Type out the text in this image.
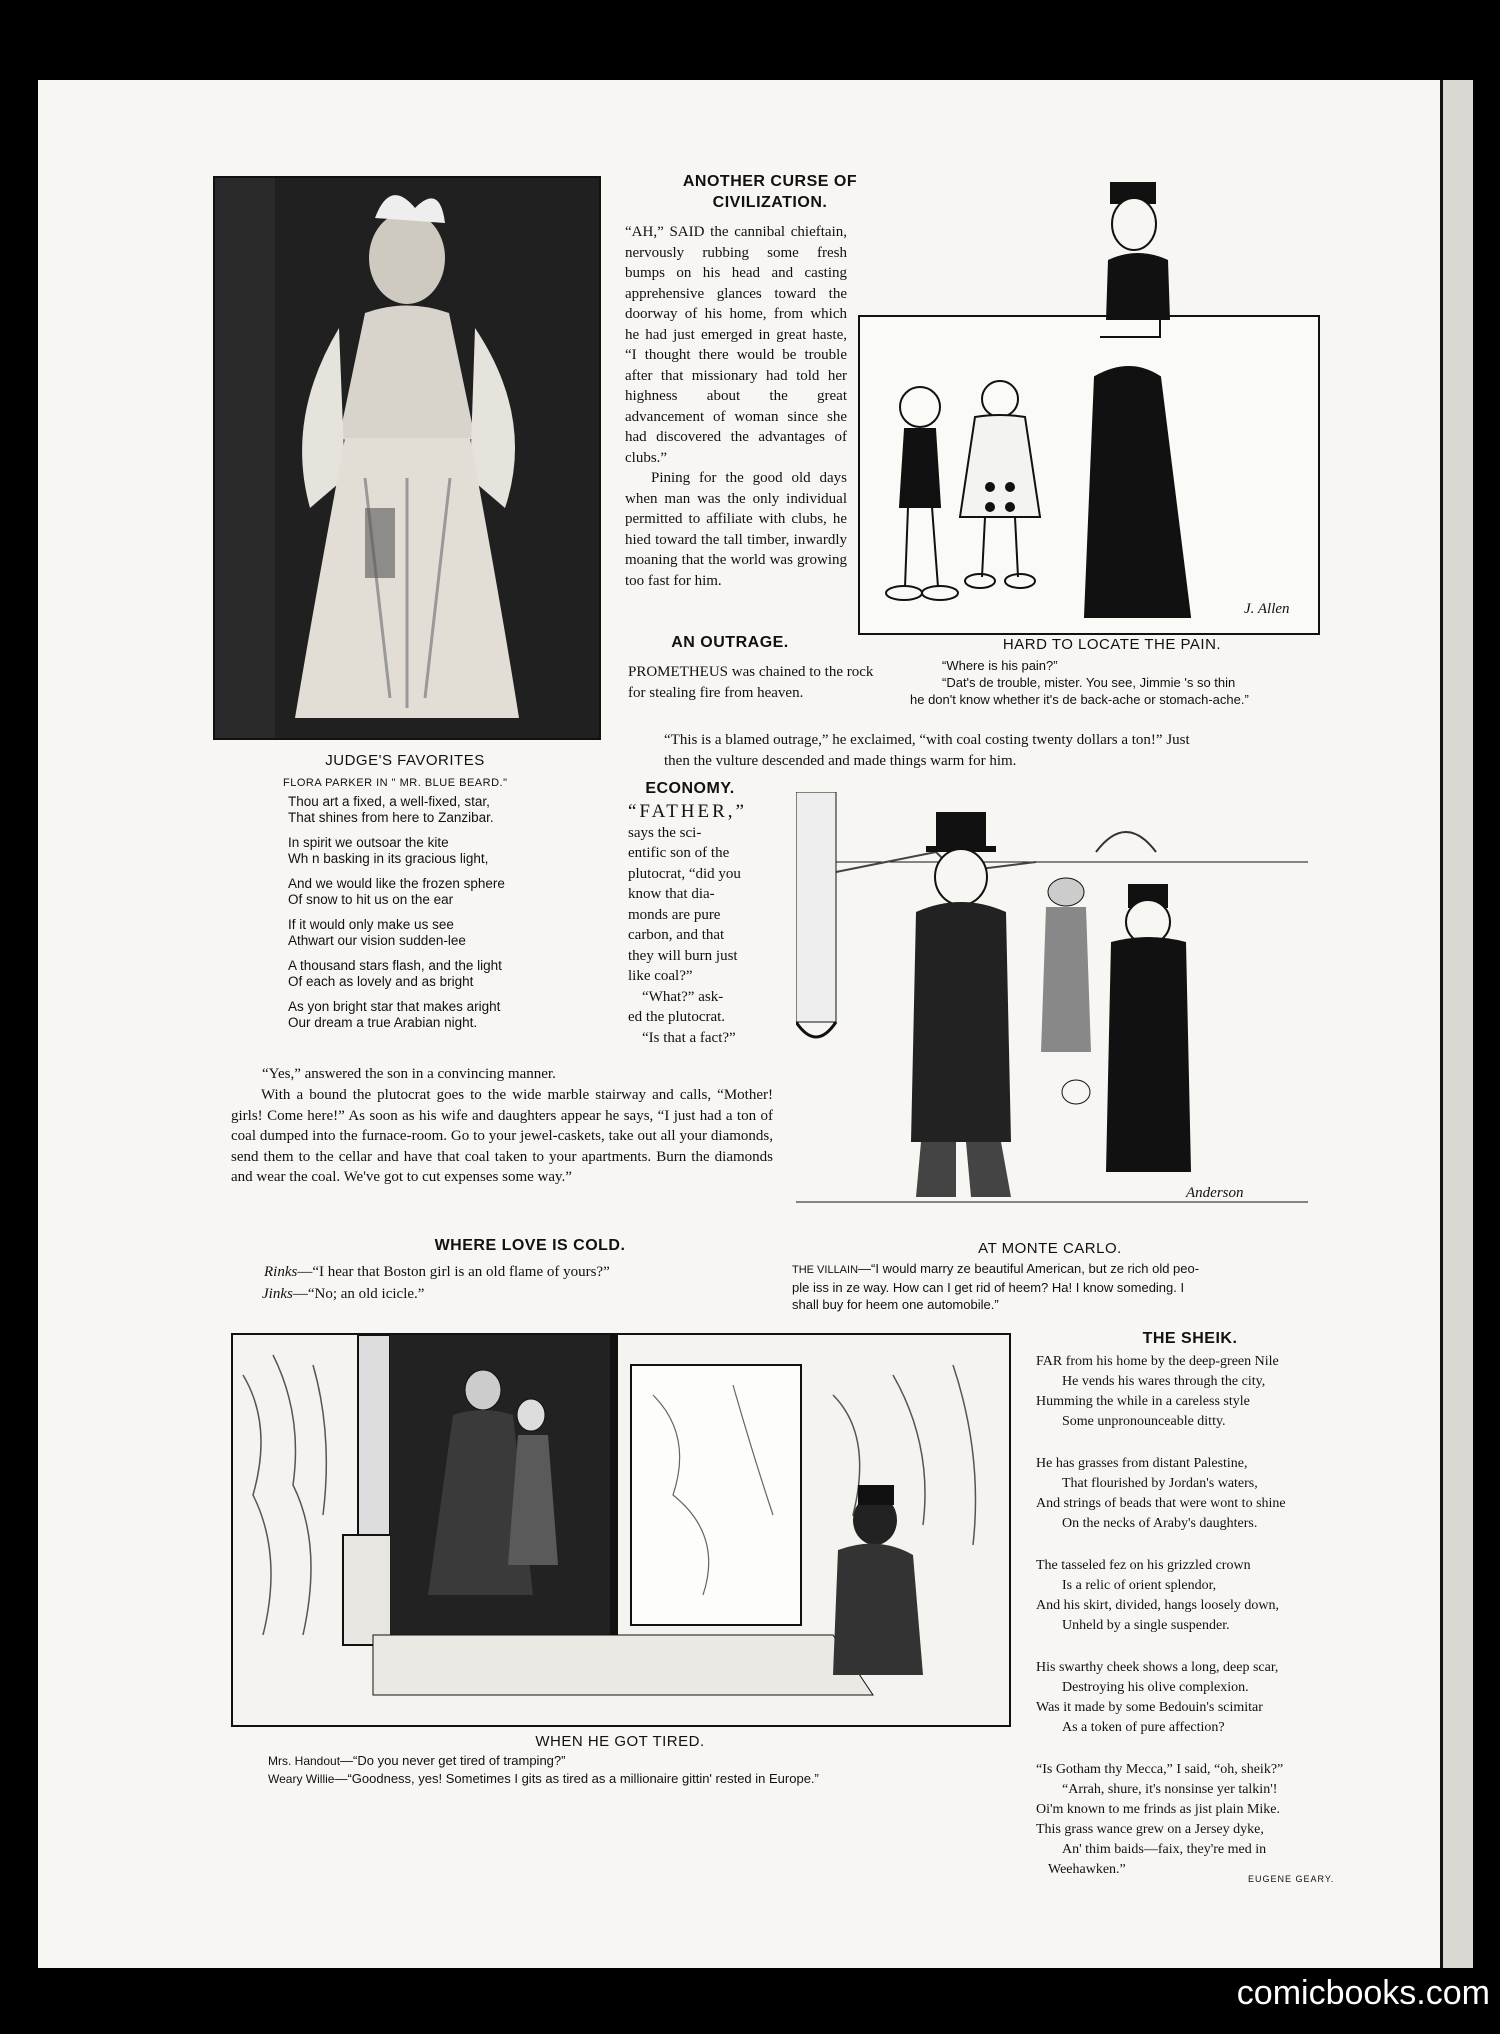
JUDGE'S FAVORITES
FLORA PARKER IN " MR. BLUE BEARD."

Thou art a fixed, a well-fixed, star,
That shines from here to Zanzibar.

In spirit we outsoar the kite
Wh n basking in its gracious light,

And we would like the frozen sphere
Of snow to hit us on the ear

If it would only make us see
Athwart our vision sudden-lee

A thousand stars flash, and the light
Of each as lovely and as bright

As yon bright star that makes aright
Our dream a true Arabian night.

ANOTHER CURSE OF
CIVILIZATION.

“AH,” SAID the cannibal chieftain, nervously rubbing some fresh bumps on his head and casting apprehensive glances toward the doorway of his home, from which he had just emerged in great haste, “I thought there would be trouble after that missionary had told her highness about the great advancement of woman since she had discovered the advantages of clubs.”

Pining for the good old days when man was the only individual permitted to affiliate with clubs, he hied toward the tall timber, inwardly moaning that the world was growing too fast for him.

J. Allen
HARD TO LOCATE THE PAIN.
“Where is his pain?”
“Dat's de trouble, mister. You see, Jimmie 's so thin
he don't know whether it's de back-ache or stomach-ache.”
AN OUTRAGE.
PROMETHEUS was chained to the rock for stealing fire from heaven.
“This is a blamed outrage,” he exclaimed, “with coal costing twenty dollars a ton!” Just then the vulture descended and made things warm for him.
ECONOMY.
“FATHER,”
says the sci-
entific son of the
plutocrat, “did you
know that dia-
monds are pure
carbon, and that
they will burn just
like coal?”
“What?” ask-
ed the plutocrat.
“Is that a fact?”
“Yes,” answered the son in a convincing manner.
With a bound the plutocrat goes to the wide marble stairway and calls, “Mother! girls! Come here!” As soon as his wife and daughters appear he says, “I just had a ton of coal dumped into the furnace-room. Go to your jewel-caskets, take out all your diamonds, send them to the cellar and have that coal taken to your apartments. Burn the diamonds and wear the coal. We've got to cut expenses some way.”
Anderson
AT MONTE CARLO.
THE VILLAIN—“I would marry ze beautiful American, but ze rich old peo-
ple iss in ze way. How can I get rid of heem? Ha! I know someding. I
shall buy for heem one automobile.”
WHERE LOVE IS COLD.
Rinks—“I hear that Boston girl is an old flame of yours?”
Jinks—“No; an old icicle.”
WHEN HE GOT TIRED.
Mrs. Handout—“Do you never get tired of tramping?”
Weary Willie—“Goodness, yes! Sometimes I gits as tired as a millionaire gittin' rested in Europe.”
THE SHEIK.

FAR from his home by the deep-green Nile
He vends his wares through the city,
Humming the while in a careless style
Some unpronounceable ditty.

He has grasses from distant Palestine,
That flourished by Jordan's waters,
And strings of beads that were wont to shine
On the necks of Araby's daughters.

The tasseled fez on his grizzled crown
Is a relic of orient splendor,
And his skirt, divided, hangs loosely down,
Unheld by a single suspender.

His swarthy cheek shows a long, deep scar,
Destroying his olive complexion.
Was it made by some Bedouin's scimitar
As a token of pure affection?

“Is Gotham thy Mecca,” I said, “oh, sheik?”
“Arrah, shure, it's nonsinse yer talkin'!
Oi'm known to me frinds as jist plain Mike.
This grass wance grew on a Jersey dyke,
An' thim baids—faix, they're med in
Weehawken.”

EUGENE GEARY.
comicbooks.com
